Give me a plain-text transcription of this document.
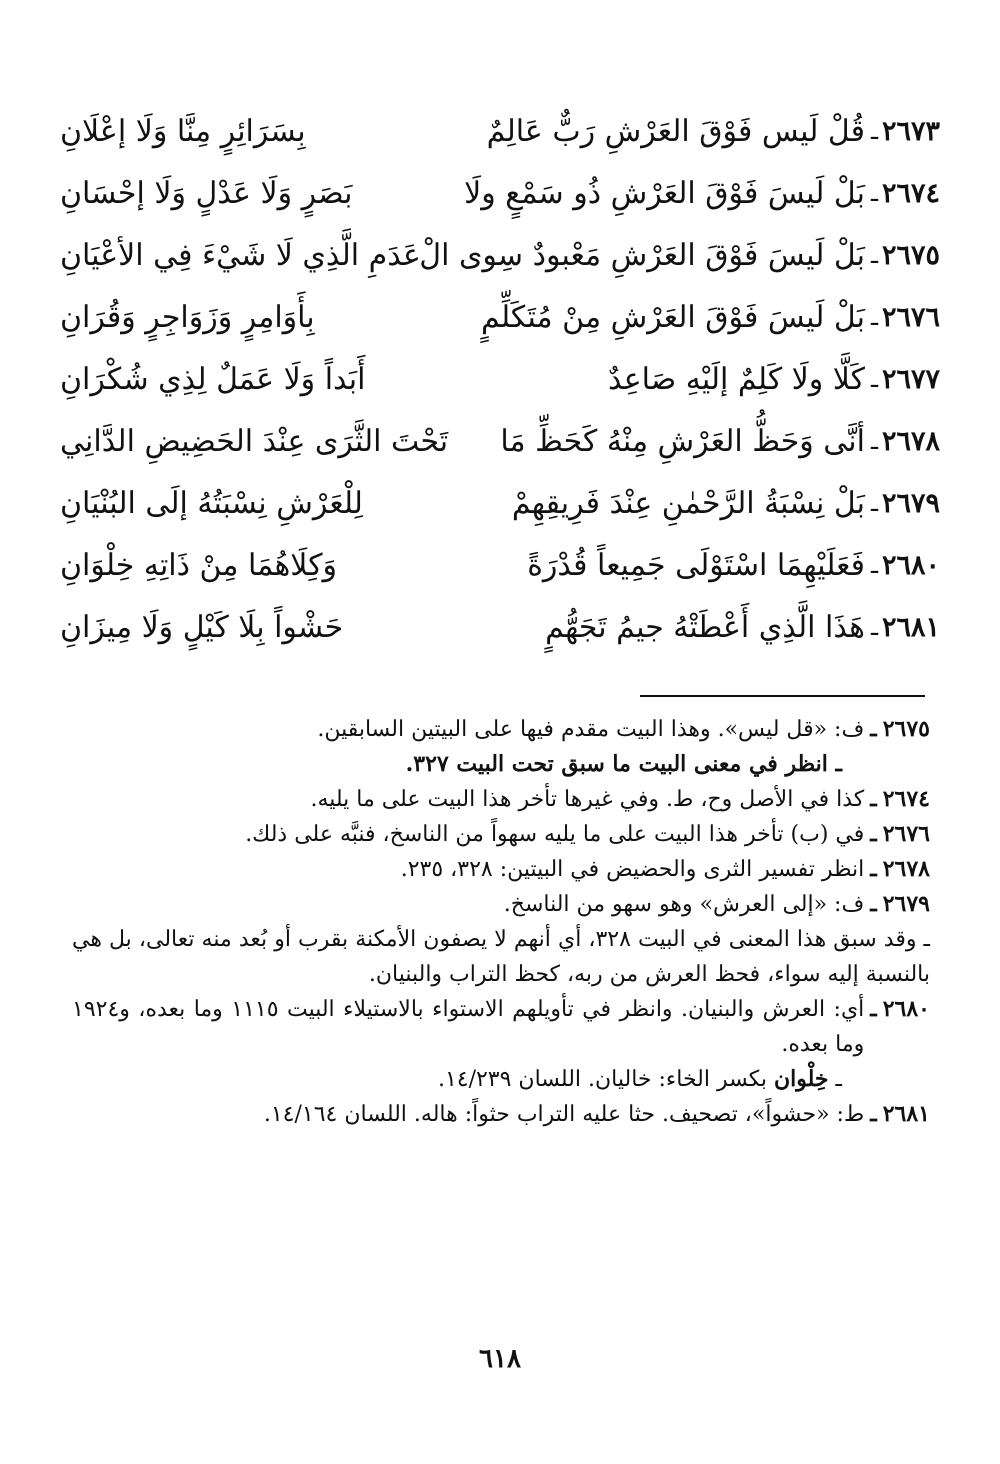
٢٦٧٣
ـ
قُلْ لَيس فَوْقَ العَرْشِ رَبٌّ عَالِمٌ
بِسَرَائِرٍ مِنَّا وَلَا إعْلَانِ
٢٦٧٤
ـ
بَلْ لَيسَ فَوْقَ العَرْشِ ذُو سَمْعٍ ولَا
بَصَرٍ وَلَا عَدْلٍ وَلَا إحْسَانِ
٢٦٧٥
ـ
بَلْ لَيسَ فَوْقَ العَرْشِ مَعْبودٌ سِوى الْ
عَدَمِ الَّذِي لَا شَيْءَ فِي الأعْيَانِ
٢٦٧٦
ـ
بَلْ لَيسَ فَوْقَ العَرْشِ مِنْ مُتَكَلِّمٍ
بِأَوَامِرٍ وَزَوَاجِرٍ وَقُرَانِ
٢٦٧٧
ـ
كَلَّا ولَا كَلِمٌ إلَيْهِ صَاعِدٌ
أَبَداً وَلَا عَمَلٌ لِذِي شُكْرَانِ
٢٦٧٨
ـ
أنَّى وَحَظُّ العَرْشِ مِنْهُ كَحَظِّ مَا
تَحْتَ الثَّرَى عِنْدَ الحَضِيضِ الدَّانِي
٢٦٧٩
ـ
بَلْ نِسْبَةُ الرَّحْمٰنِ عِنْدَ فَرِيقِهِمْ
لِلْعَرْشِ نِسْبَتُهُ إلَى البُنْيَانِ
٢٦٨٠
ـ
فَعَلَيْهِمَا اسْتَوْلَى جَمِيعاً قُدْرَةً
وَكِلَاهُمَا مِنْ ذَاتِهِ خِلْوَانِ
٢٦٨١
ـ
هَذَا الَّذِي أَعْطَتْهُ جيمُ تَجَهُّمٍ
حَشْواً بِلَا كَيْلٍ وَلَا مِيزَانِ
٢٦٧٥ـ
ف: «قل ليس». وهذا البيت مقدم فيها على البيتين السابقين.
ـ انظر في معنى البيت ما سبق تحت البيت ٣٢٧.
٢٦٧٤ـ
كذا في الأصل وح، ط. وفي غيرها تأخر هذا البيت على ما يليه.
٢٦٧٦ـ
في (ب) تأخر هذا البيت على ما يليه سهواً من الناسخ، فنبَّه على ذلك.
٢٦٧٨ـ
انظر تفسير الثرى والحضيض في البيتين: ٣٢٨، ٢٣٥.
٢٦٧٩ـ
ف: «إلى العرش» وهو سهو من الناسخ.
ـ وقد سبق هذا المعنى في البيت ٣٢٨، أي أنهم لا يصفون الأمكنة بقرب أو بُعد منه تعالى، بل هي بالنسبة إليه سواء، فحظ العرش من ربه، كحظ التراب والبنيان.
٢٦٨٠ـ
أي: العرش والبنيان. وانظر في تأويلهم الاستواء بالاستيلاء البيت ١١١٥ وما بعده، و١٩٢٤ وما بعده.
ـ خِلْوان بكسر الخاء: خاليان. اللسان ١٤/٢٣٩.
٢٦٨١ـ
ط: «حشواً»، تصحيف. حثا عليه التراب حثواً: هاله. اللسان ١٤/١٦٤.
٦١٨
